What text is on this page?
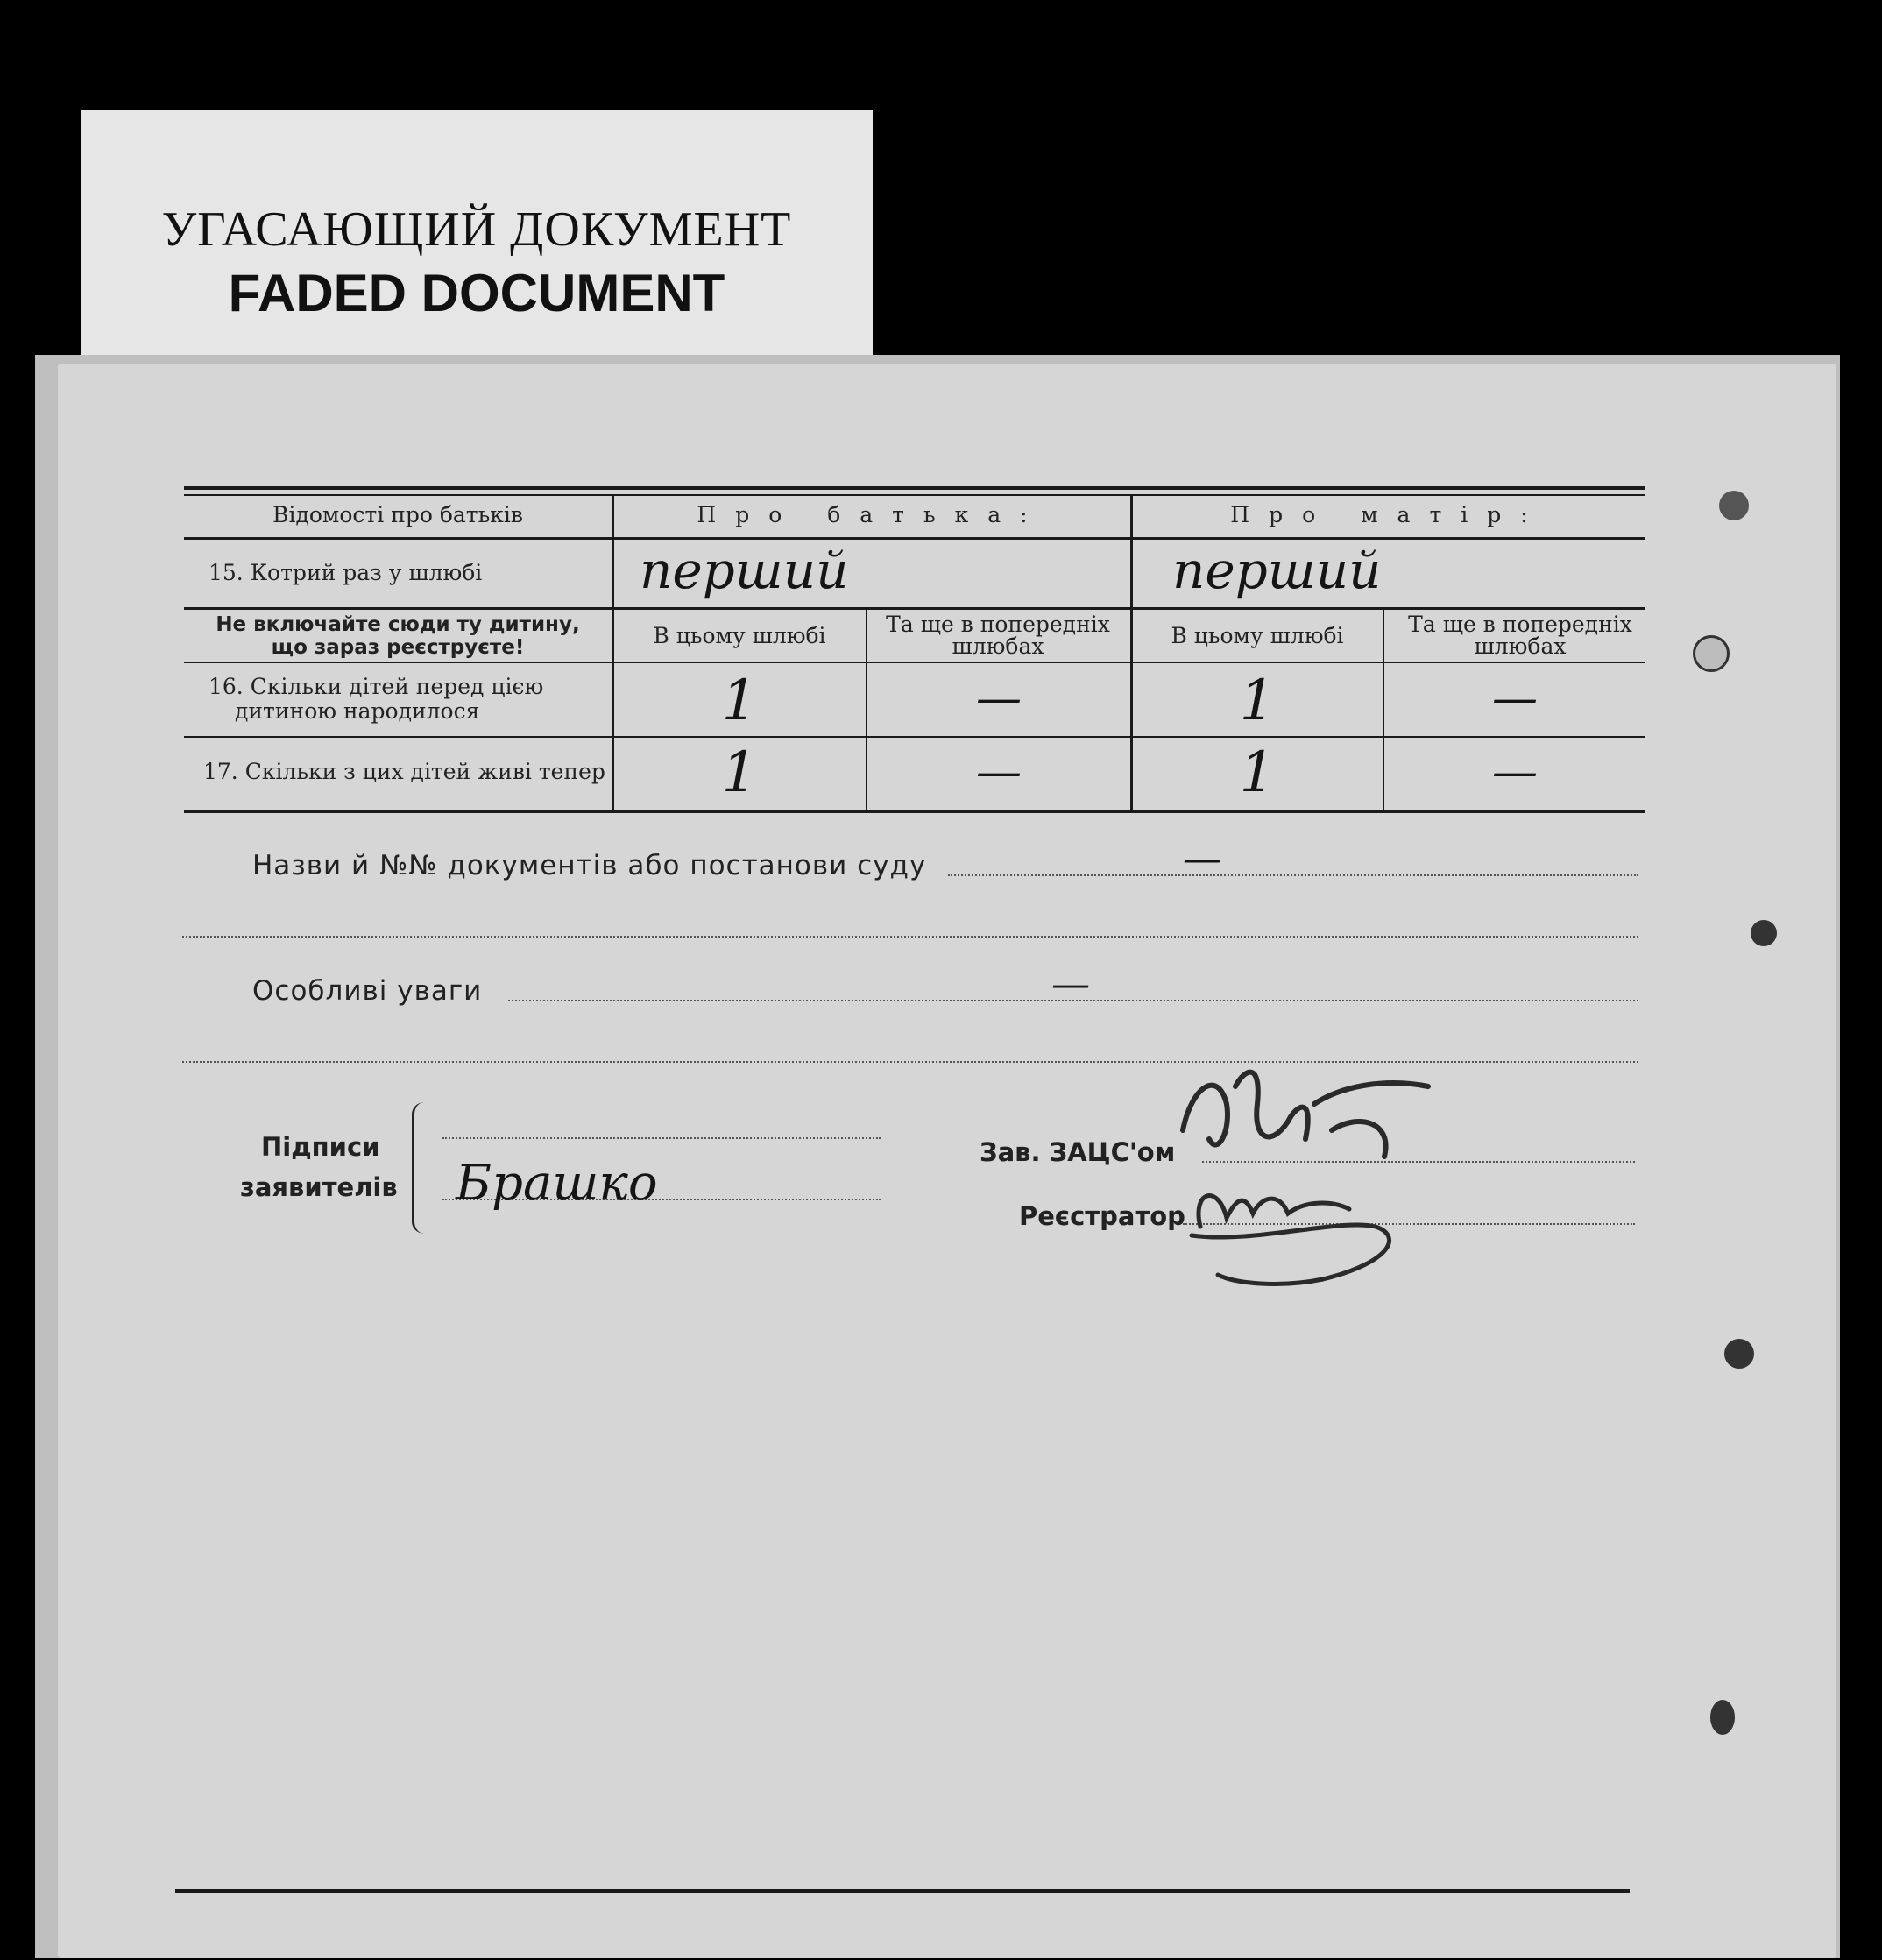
УГАСАЮЩИЙ ДОКУМЕНТ
FADED DOCUMENT
Відомості про батьків	Про батька:	Про матір:
15. Котрий раз у шлюбі	перший	перший
Не включайте сюди ту дитину,
що зараз реєструєте!	В цьому шлюбі	Та ще в попередніх шлюбах	В цьому шлюбі	Та ще в попередніх шлюбах
16. Скільки дітей перед цією
дитиною народилося	1	—	1	—
17. Скільки з цих дітей живі тепер	1	—	1	—
Назви й №№ документів або постанови суду	—
Особливі уваги	—
Підписи
заявителів Брашко
Зав. ЗАЦС'ом
Реєстратор
